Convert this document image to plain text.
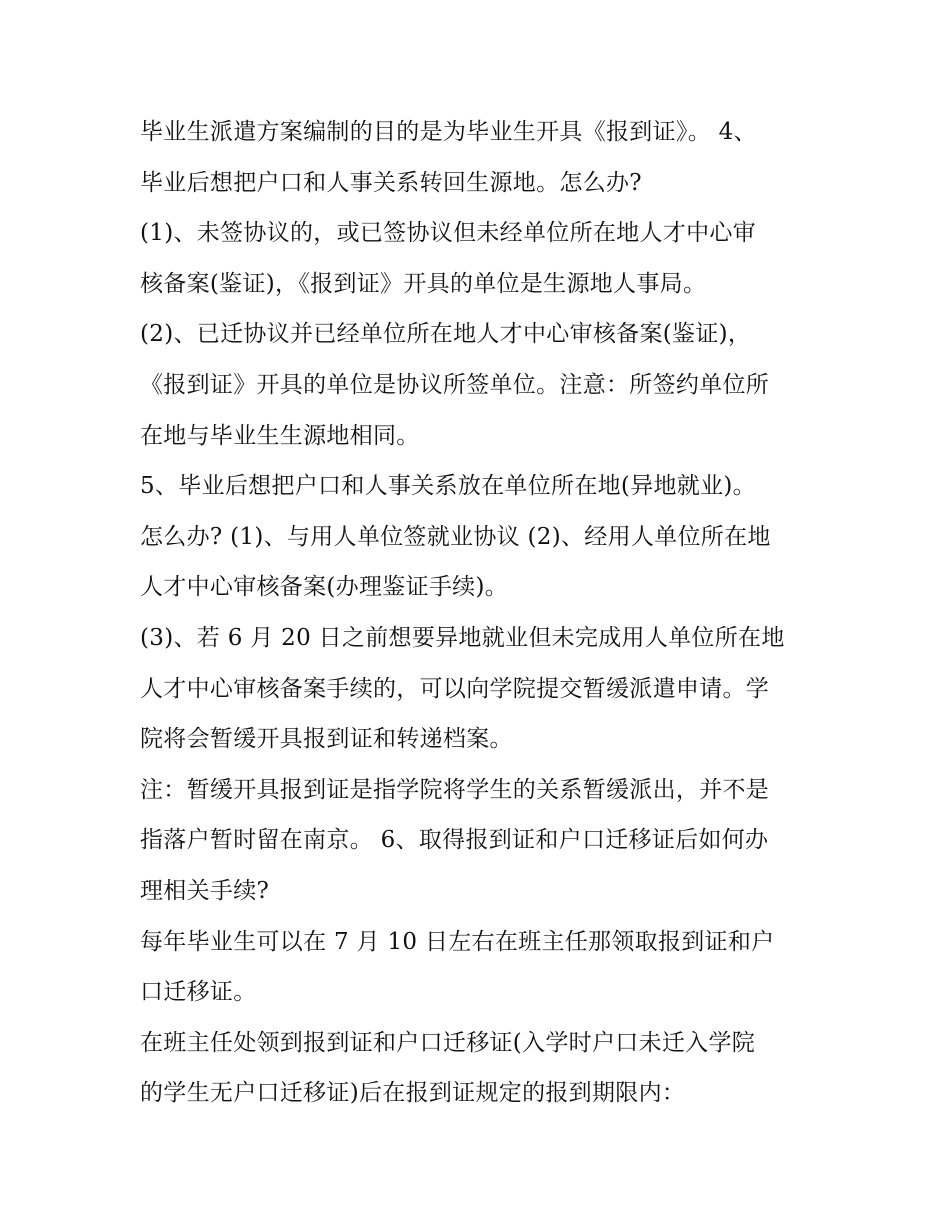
毕业生派遣方案编制的目的是为毕业生开具《报到证》。 4、
毕业后想把户口和人事关系转回生源地。怎么办?
(1)、未签协议的，或已签协议但未经单位所在地人才中心审
核备案(鉴证)，《报到证》开具的单位是生源地人事局。
(2)、已迁协议并已经单位所在地人才中心审核备案(鉴证)，
《报到证》开具的单位是协议所签单位。注意：所签约单位所
在地与毕业生生源地相同。
5、毕业后想把户口和人事关系放在单位所在地(异地就业)。
怎么办? (1)、与用人单位签就业协议 (2)、经用人单位所在地
人才中心审核备案(办理鉴证手续)。
(3)、若 6 月 20 日之前想要异地就业但未完成用人单位所在地
人才中心审核备案手续的，可以向学院提交暂缓派遣申请。学
院将会暂缓开具报到证和转递档案。
注：暂缓开具报到证是指学院将学生的关系暂缓派出，并不是
指落户暂时留在南京。 6、取得报到证和户口迁移证后如何办
理相关手续?
每年毕业生可以在 7 月 10 日左右在班主任那领取报到证和户
口迁移证。
在班主任处领到报到证和户口迁移证(入学时户口未迁入学院
的学生无户口迁移证)后在报到证规定的报到期限内：
